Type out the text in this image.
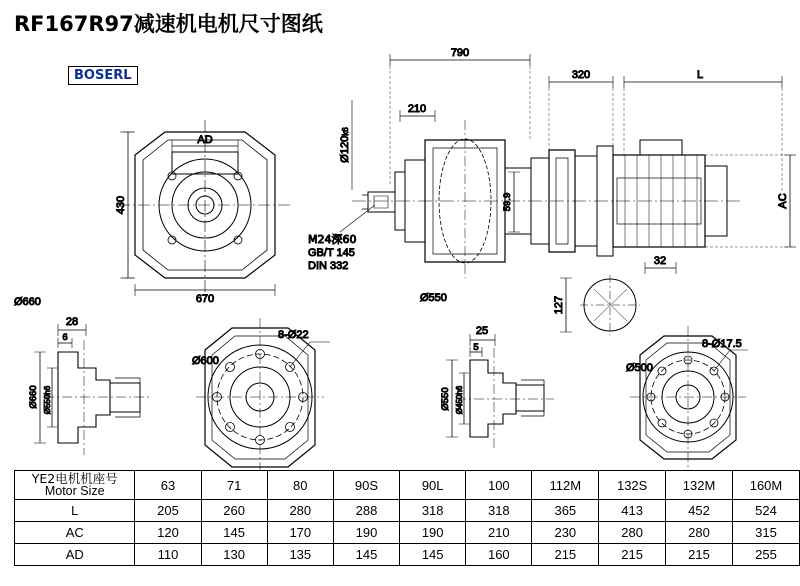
RF167R97减速机电机尺寸图纸
BOSERL
AD
430
670
790
320	L
210
Ø120k6
59.9	AC
M24深60
GB/T 145
DIN 332
Ø550
32
127
28
6
Ø660
Ø660 Ø550h6
Ø600
8-Ø22	25
5
Ø550 Ø450h6
Ø500
8-Ø17.5
YE2电机机座号
Motor Size	63	71	80	90S	90L	100	112M	132S	132M	160M
L	205	260	280	288	318	318	365	413	452	524
AC	120	145	170	190	190	210	230	280	280	315
AD	110	130	135	145	145	160	215	215	215	255
